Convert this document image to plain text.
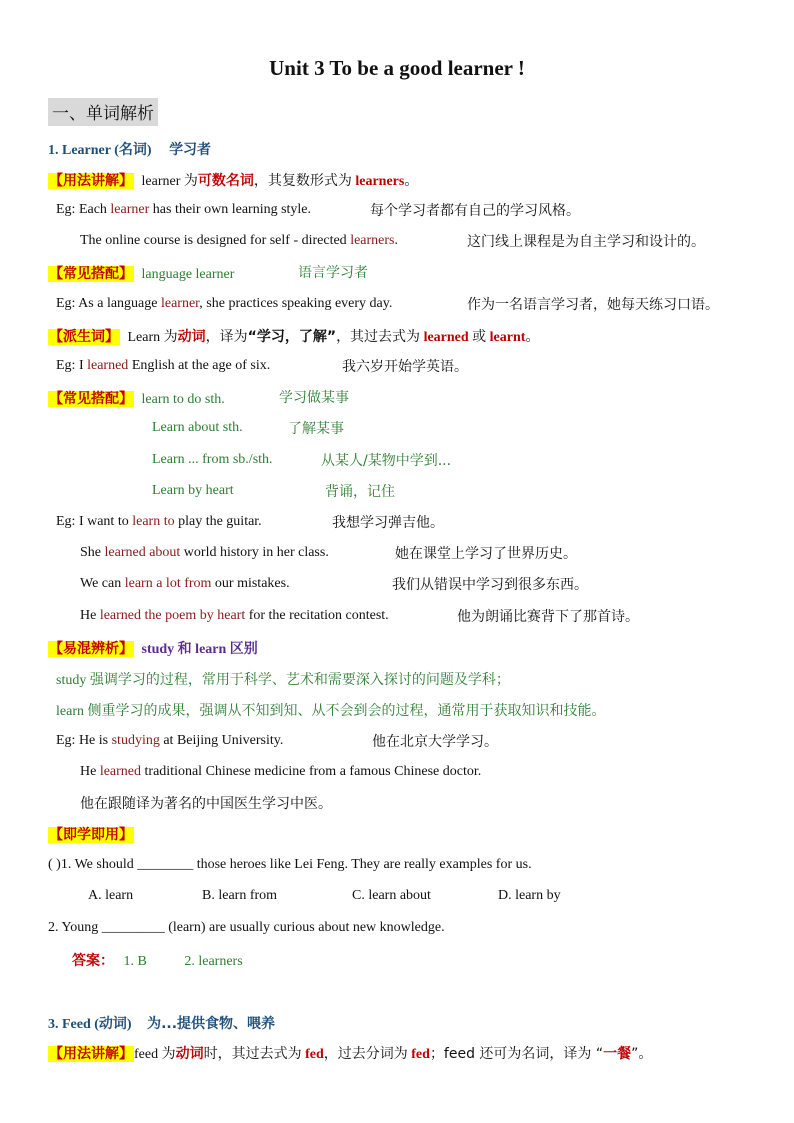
Unit 3 To be a good learner !
一、单词解析
1. Learner (名词) 学习者
【用法讲解】 learner 为可数名词，其复数形式为 learners。
Eg: Each learner has their own learning style.	每个学习者都有自己的学习风格。
The online course is designed for self - directed learners.	这门线上课程是为自主学习和设计的。
【常见搭配】 language learner	语言学习者
Eg: As a language learner, she practices speaking every day.	作为一名语言学习者，她每天练习口语。
【派生词】 Learn 为动词，译为“学习，了解”，其过去式为 learned 或 learnt。
Eg: I learned English at the age of six.	我六岁开始学英语。
【常见搭配】 learn to do sth.	学习做某事
Learn about sth.	了解某事
Learn ... from sb./sth.	从某人/某物中学到...
Learn by heart	背诵，记住
Eg: I want to learn to play the guitar.	我想学习弹吉他。
She learned about world history in her class.	她在课堂上学习了世界历史。
We can learn a lot from our mistakes.	我们从错误中学习到很多东西。
He learned the poem by heart for the recitation contest.	他为朗诵比赛背下了那首诗。
【易混辨析】 study 和 learn 区别
study 强调学习的过程，常用于科学、艺术和需要深入探讨的问题及学科；
learn 侧重学习的成果，强调从不知到知、从不会到会的过程，通常用于获取知识和技能。
Eg: He is studying at Beijing University.	他在北京大学学习。
He learned traditional Chinese medicine from a famous Chinese doctor.
他在跟随译为著名的中国医生学习中医。
【即学即用】
( )1. We should ________ those heroes like Lei Feng. They are really examples for us.
A. learn	B. learn from	C. learn about	D. learn by
2. Young _________ (learn) are usually curious about new knowledge.
答案： 1. B	2. learners
3. Feed (动词) 为...提供食物、喂养
【用法讲解】feed 为动词时，其过去式为 fed，过去分词为 fed；feed 还可为名词，译为 “一餐”。
